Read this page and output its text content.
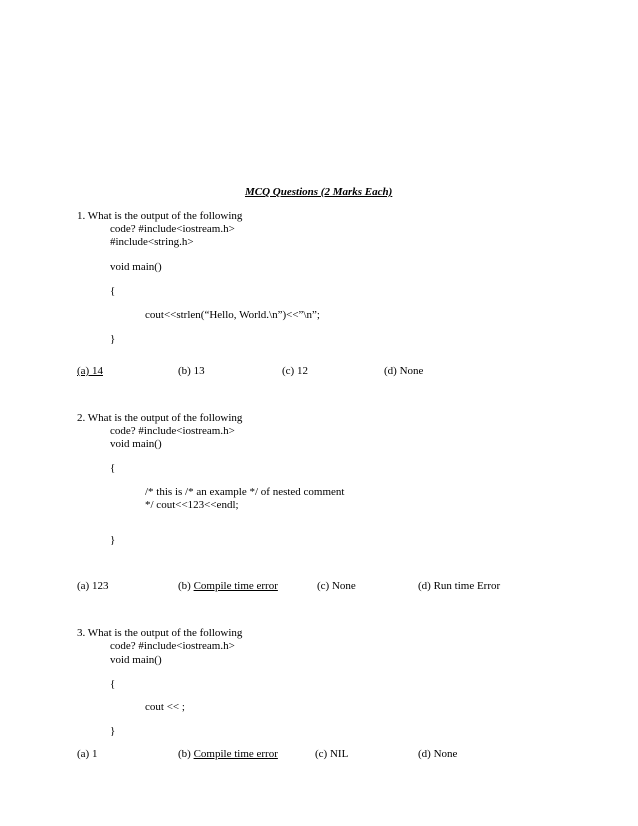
MCQ Questions (2 Marks Each)
1. What is the output of the following
code? #include<iostream.h>
#include<string.h>
void main()
{
cout<<strlen(“Hello, World.\n”)<<”\n”;
}
(a) 14	(b) 13	(c) 12	(d) None
2. What is the output of the following
code? #include<iostream.h>
void main()
{
/* this is /* an example */ of nested comment
*/ cout<<123<<endl;
}
(a) 123	(b) Compile time error	(c) None	(d) Run time Error
3. What is the output of the following
code? #include<iostream.h>
void main()
{
cout << ;
}
(a) 1	(b) Compile time error	(c) NIL	(d) None
